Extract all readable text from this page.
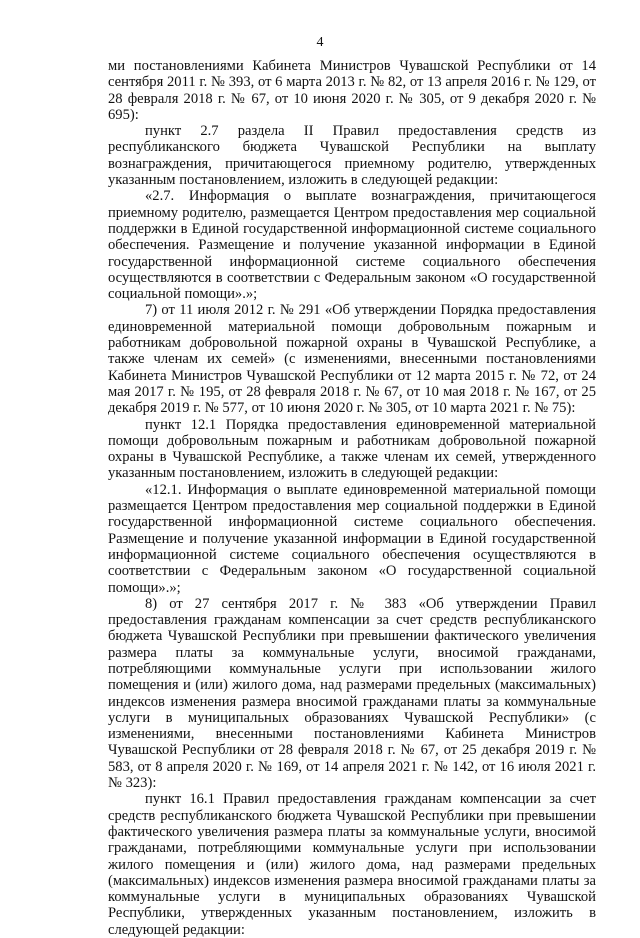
4

ми постановлениями Кабинета Министров Чувашской Республики от 14 сентября 2011 г. № 393, от 6 марта 2013 г. № 82, от 13 апреля 2016 г. № 129, от 28 февраля 2018 г. № 67, от 10 июня 2020 г. № 305, от 9 декабря 2020 г. № 695):

пункт 2.7 раздела II Правил предоставления средств из республиканского бюджета Чувашской Республики на выплату вознаграждения, причитающегося приемному родителю, утвержденных указанным постановлением, изложить в следующей редакции:

«2.7. Информация о выплате вознаграждения, причитающегося приемному родителю, размещается Центром предоставления мер социальной поддержки в Единой государственной информационной системе социального обеспечения. Размещение и получение указанной информации в Единой государственной информационной системе социального обеспечения осуществляются в соответствии с Федеральным законом «О государственной социальной помощи».»;

7) от 11 июля 2012 г. № 291 «Об утверждении Порядка предоставления единовременной материальной помощи добровольным пожарным и работникам добровольной пожарной охраны в Чувашской Республике, а также членам их семей» (с изменениями, внесенными постановлениями Кабинета Министров Чувашской Республики от 12 марта 2015 г. № 72, от 24 мая 2017 г. № 195, от 28 февраля 2018 г. № 67, от 10 мая 2018 г. № 167, от 25 декабря 2019 г. № 577, от 10 июня 2020 г. № 305, от 10 марта 2021 г. № 75):

пункт 12.1 Порядка предоставления единовременной материальной помощи добровольным пожарным и работникам добровольной пожарной охраны в Чувашской Республике, а также членам их семей, утвержденного указанным постановлением, изложить в следующей редакции:

«12.1. Информация о выплате единовременной материальной помощи размещается Центром предоставления мер социальной поддержки в Единой государственной информационной системе социального обеспечения. Размещение и получение указанной информации в Единой государственной информационной системе социального обеспечения осуществляются в соответствии с Федеральным законом «О государственной социальной помощи».»;

8) от 27 сентября 2017 г. № 383 «Об утверждении Правил предоставления гражданам компенсации за счет средств республиканского бюджета Чувашской Республики при превышении фактического увеличения размера платы за коммунальные услуги, вносимой гражданами, потребляющими коммунальные услуги при использовании жилого помещения и (или) жилого дома, над размерами предельных (максимальных) индексов изменения размера вносимой гражданами платы за коммунальные услуги в муниципальных образованиях Чувашской Республики» (с изменениями, внесенными постановлениями Кабинета Министров Чувашской Республики от 28 февраля 2018 г. № 67, от 25 декабря 2019 г. № 583, от 8 апреля 2020 г. № 169, от 14 апреля 2021 г. № 142, от 16 июля 2021 г. № 323):

пункт 16.1 Правил предоставления гражданам компенсации за счет средств республиканского бюджета Чувашской Республики при превышении фактического увеличения размера платы за коммунальные услуги, вносимой гражданами, потребляющими коммунальные услуги при использовании жилого помещения и (или) жилого дома, над размерами предельных (максимальных) индексов изменения размера вносимой гражданами платы за коммунальные услуги в муниципальных образованиях Чувашской Республики, утвержденных указанным постановлением, изложить в следующей редакции:
